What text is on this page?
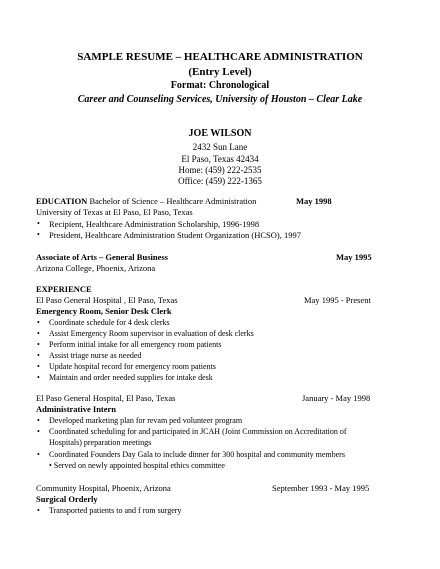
SAMPLE RESUME – HEALTHCARE ADMINISTRATION
(Entry Level)
Format: Chronological
Career and Counseling Services, University of Houston – Clear Lake
JOE WILSON
2432 Sun Lane
El Paso, Texas 42434
Home: (459) 222-2535
Office: (459) 222-1365
EDUCATION Bachelor of Science – Healthcare Administration	May 1998
University of Texas at El Paso, El Paso, Texas
• Recipient, Healthcare Administration Scholarship, 1996-1998
• President, Healthcare Administration Student Organization (HCSO), 1997
Associate of Arts – General Business	May 1995
Arizona College, Phoenix, Arizona
EXPERIENCE
El Paso General Hospital , El Paso, Texas	May 1995 - Present
Emergency Room, Senior Desk Clerk
• Coordinate schedule for 4 desk clerks
• Assist Emergency Room supervisor in evaluation of desk clerks
• Perform initial intake for all emergency room patients
• Assist triage nurse as needed
• Update hospital record for emergency room patients
• Maintain and order needed supplies for intake desk
El Paso General Hospital, El Paso, Texas	January - May 1998
Administrative Intern
• Developed marketing plan for revam ped volunteer program
• Coordinated scheduling for and participated in JCAH (Joint Commission on Accreditation of
Hospitals) preparation meetings
• Coordinated Founders Day Gala to include dinner for 300 hospital and community members
• Served on newly appointed hospital ethics committee
Community Hospital, Phoenix, Arizona	September 1993 - May 1995
Surgical Orderly
• Transported patients to and f rom surgery
